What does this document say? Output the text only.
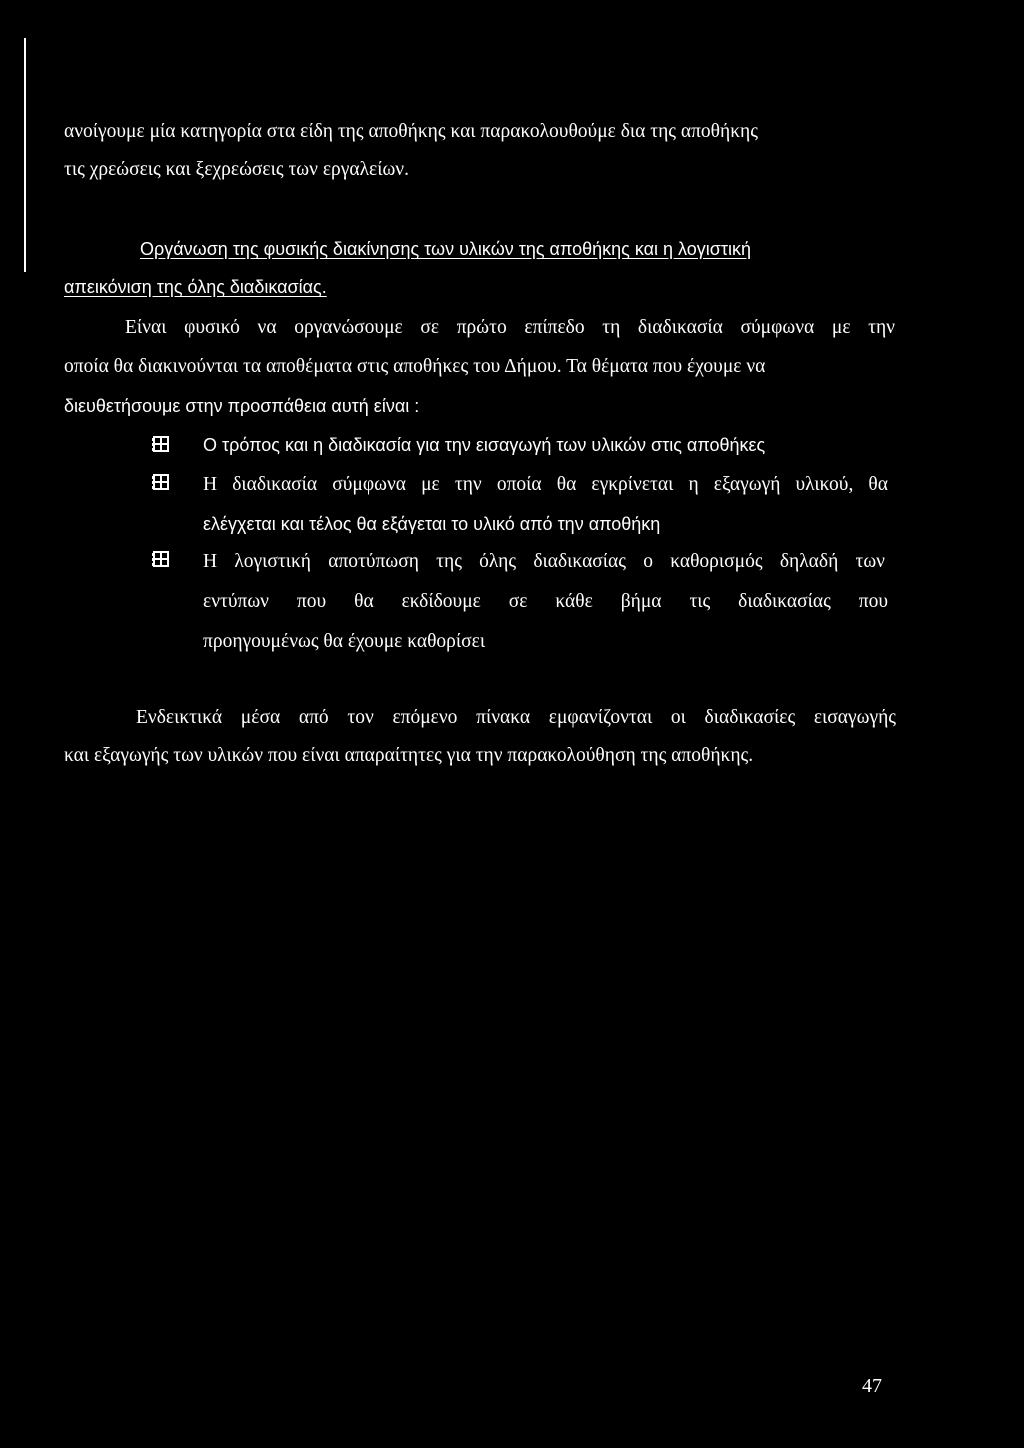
ανοίγουμε μία κατηγορία στα είδη της αποθήκης και παρακολουθούμε δια της αποθήκης
τις χρεώσεις και ξεχρεώσεις των εργαλείων.
Οργάνωση της φυσικής διακίνησης των υλικών της αποθήκης και η λογιστική
απεικόνιση της όλης διαδικασίας.
Είναι φυσικό να οργανώσουμε σε πρώτο επίπεδο τη διαδικασία σύμφωνα με την
οποία θα διακινούνται τα αποθέματα στις αποθήκες του Δήμου. Τα θέματα που έχουμε να
διευθετήσουμε στην προσπάθεια αυτή είναι :
Ο τρόπος και η διαδικασία για την εισαγωγή των υλικών στις αποθήκες
Η διαδικασία σύμφωνα με την οποία θα εγκρίνεται η εξαγωγή υλικού, θα
ελέγχεται και τέλος θα εξάγεται το υλικό από την αποθήκη
Η λογιστική αποτύπωση της όλης διαδικασίας ο καθορισμός δηλαδή των
εντύπων που θα εκδίδουμε σε κάθε βήμα τις διαδικασίας που
προηγουμένως θα έχουμε καθορίσει
Ενδεικτικά μέσα από τον επόμενο πίνακα εμφανίζονται οι διαδικασίες εισαγωγής
και εξαγωγής των υλικών που είναι απαραίτητες για την παρακολούθηση της αποθήκης.
47
